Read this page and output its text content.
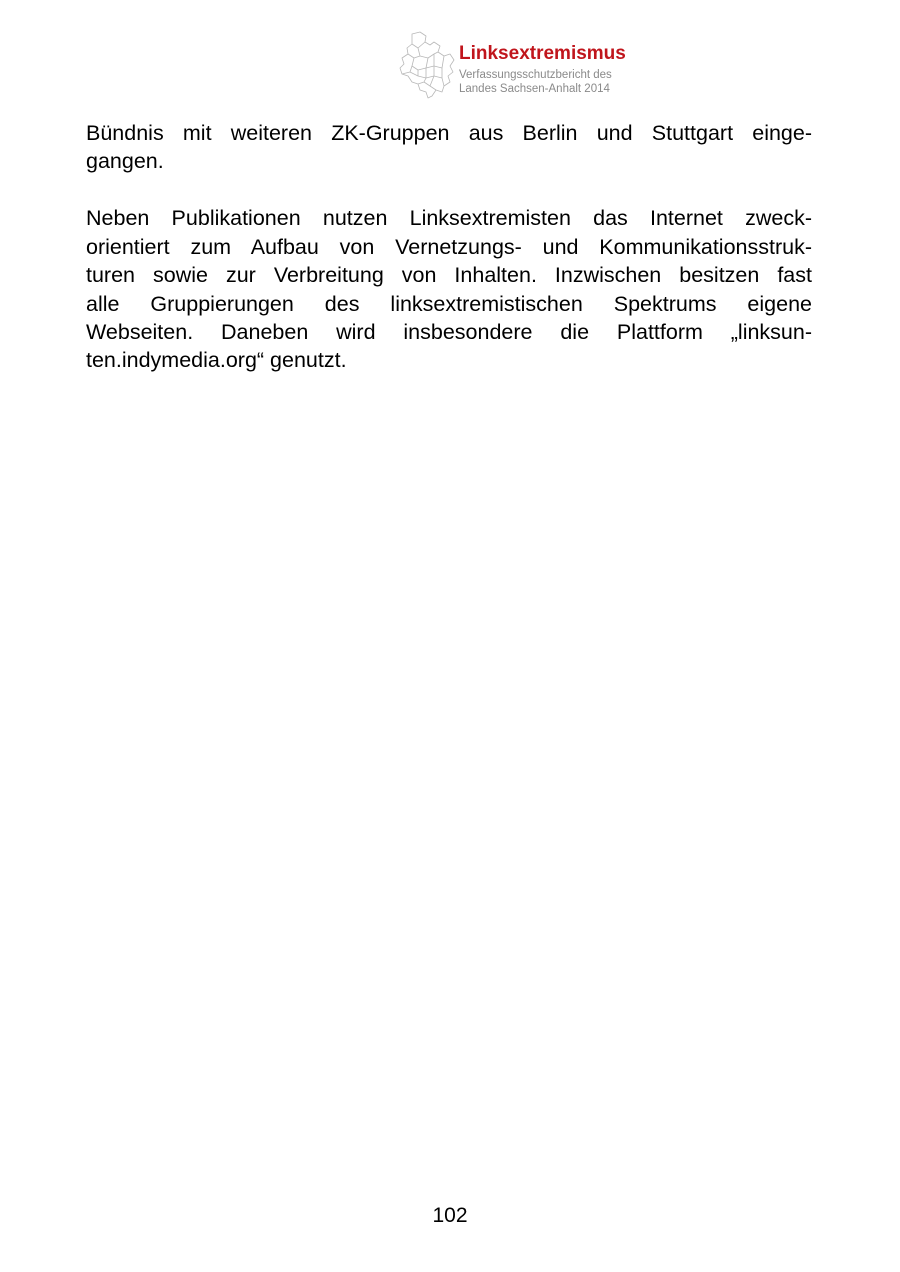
Linksextremismus
Verfassungsschutzbericht des
Landes Sachsen-Anhalt 2014

Bündnis mit weiteren ZK-Gruppen aus Berlin und Stuttgart einge-
gangen.

Neben Publikationen nutzen Linksextremisten das Internet zweck-
orientiert zum Aufbau von Vernetzungs- und Kommunikationsstruk-
turen sowie zur Verbreitung von Inhalten. Inzwischen besitzen fast
alle Gruppierungen des linksextremistischen Spektrums eigene
Webseiten. Daneben wird insbesondere die Plattform „linksun-
ten.indymedia.org“ genutzt.

102
